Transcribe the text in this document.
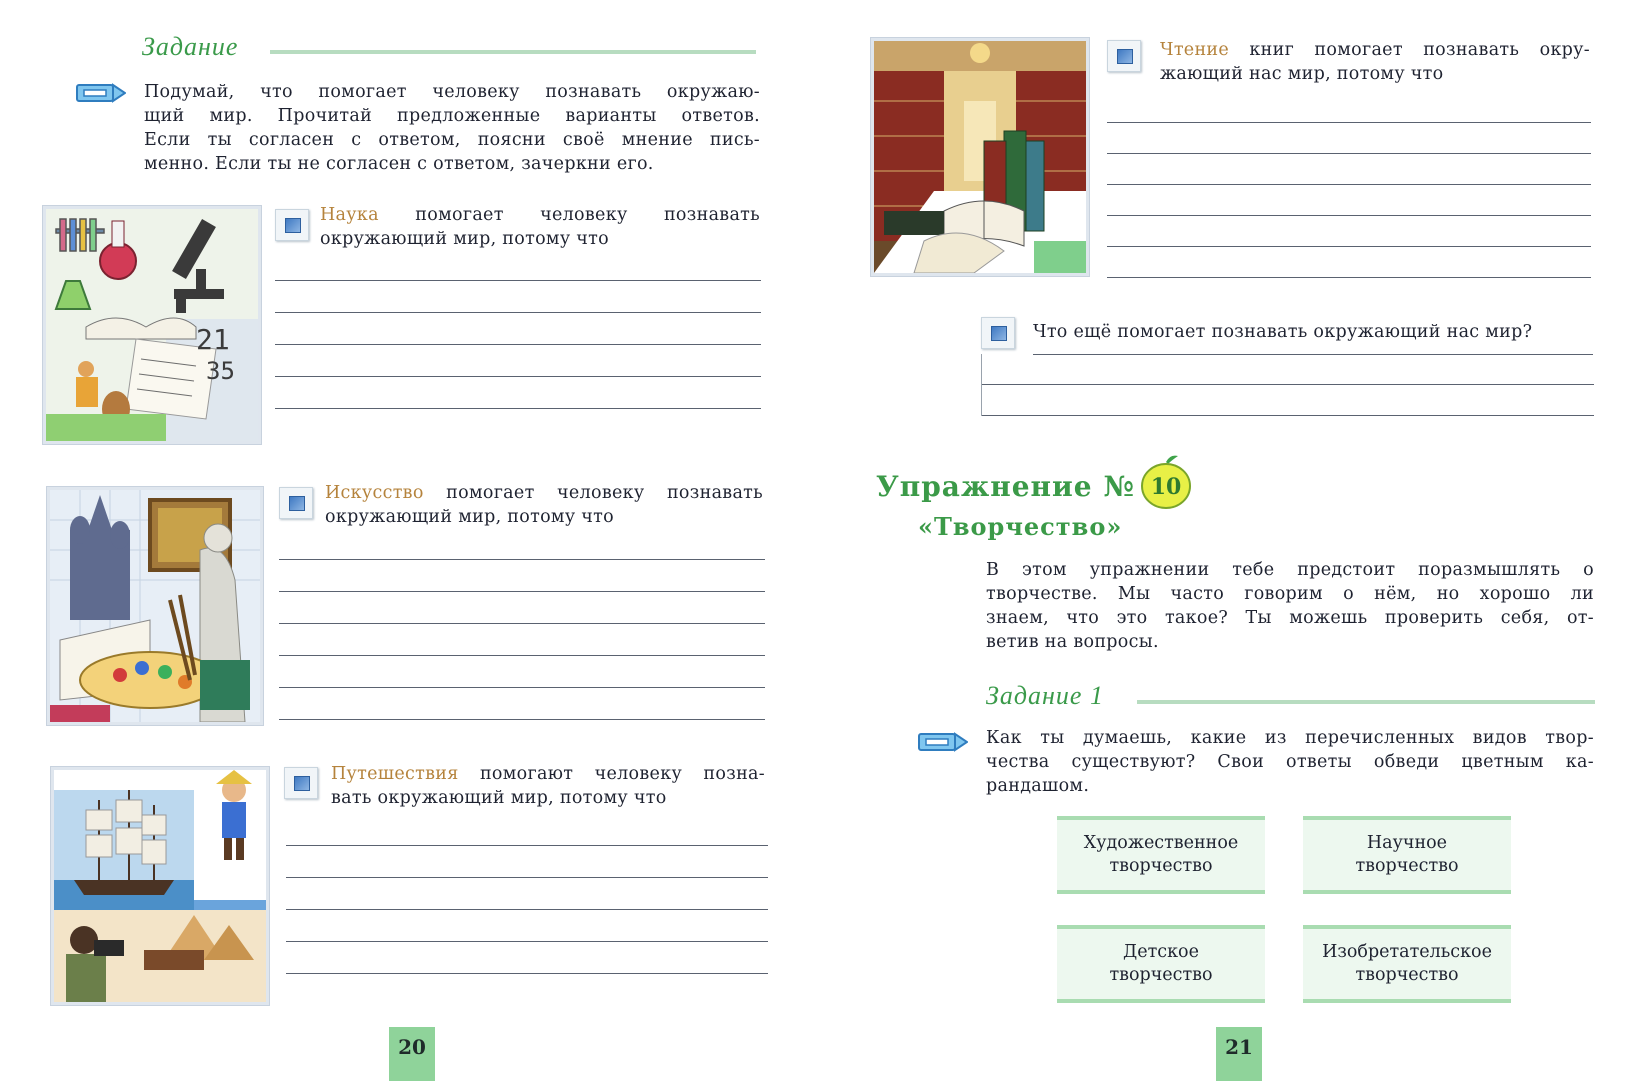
Задание
Подумай, что помогает человеку познавать окружаю-
щий мир. Прочитай предложенные варианты ответов.
Если ты согласен с ответом, поясни своё мнение пись-
менно. Если ты не согласен с ответом, зачеркни его.
21
35
Наука помогает человеку познавать
окружающий мир, потому что
Искусство помогает человеку познавать
окружающий мир, потому что
Путешествия помогают человеку позна-
вать окружающий мир, потому что
20
Чтение книг помогает познавать окру-
жающий нас мир, потому что
Что ещё помогает познавать окружающий нас мир?
Упражнение № 10
«Творчество»
В этом упражнении тебе предстоит поразмышлять о
творчестве. Мы часто говорим о нём, но хорошо ли
знаем, что это такое? Ты можешь проверить себя, от-
ветив на вопросы.
Задание 1
Как ты думаешь, какие из перечисленных видов твор-
чества существуют? Свои ответы обведи цветным ка-
рандашом.
Художественное
творчество
Научное
творчество
Детское
творчество
Изобретательское
творчество
21
